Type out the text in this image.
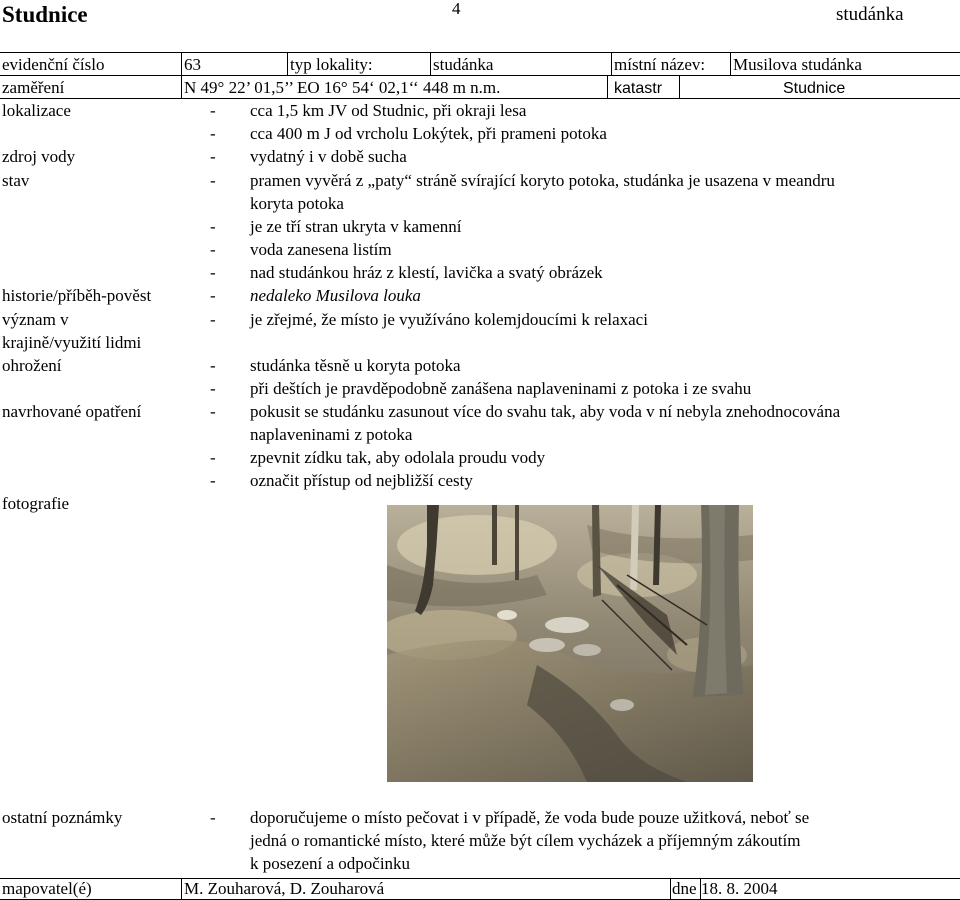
Studnice	4	studánka
evidenční číslo	63	typ lokality:	studánka	místní název: Musilova studánka
zaměření	N 49° 22’ 01,5’’ EO 16° 54‘ 02,1‘‘ 448 m n.m.	katastr	Studnice
lokalizace	- cca 1,5 km JV od Studnic, při okraji lesa
- cca 400 m J od vrcholu Lokýtek, při prameni potoka
zdroj vody	- vydatný i v době sucha
stav	- pramen vyvěrá z „paty“ stráně svírající koryto potoka, studánka je usazena v meandru
koryta potoka
- je ze tří stran ukryta v kamenní
- voda zanesena listím
- nad studánkou hráz z klestí, lavička a svatý obrázek
historie/příběh-pověst	- nedaleko Musilova louka
význam v
krajině/využití lidmi
- je zřejmé, že místo je využíváno kolemjdoucími k relaxaci
ohrožení	- studánka těsně u koryta potoka
- při deštích je pravděpodobně zanášena naplaveninami z potoka i ze svahu
navrhované opatření	- pokusit se studánku zasunout více do svahu tak, aby voda v ní nebyla znehodnocována
naplaveninami z potoka
- zpevnit zídku tak, aby odolala proudu vody
- označit přístup od nejbližší cesty
fotografie
ostatní poznámky	- doporučujeme o místo pečovat i v případě, že voda bude pouze užitková, neboť se
jedná o romantické místo, které může být cílem vycházek a příjemným zákoutím
k posezení a odpočinku
mapovatel(é)	M. Zouharová, D. Zouharová	dne 18. 8. 2004
